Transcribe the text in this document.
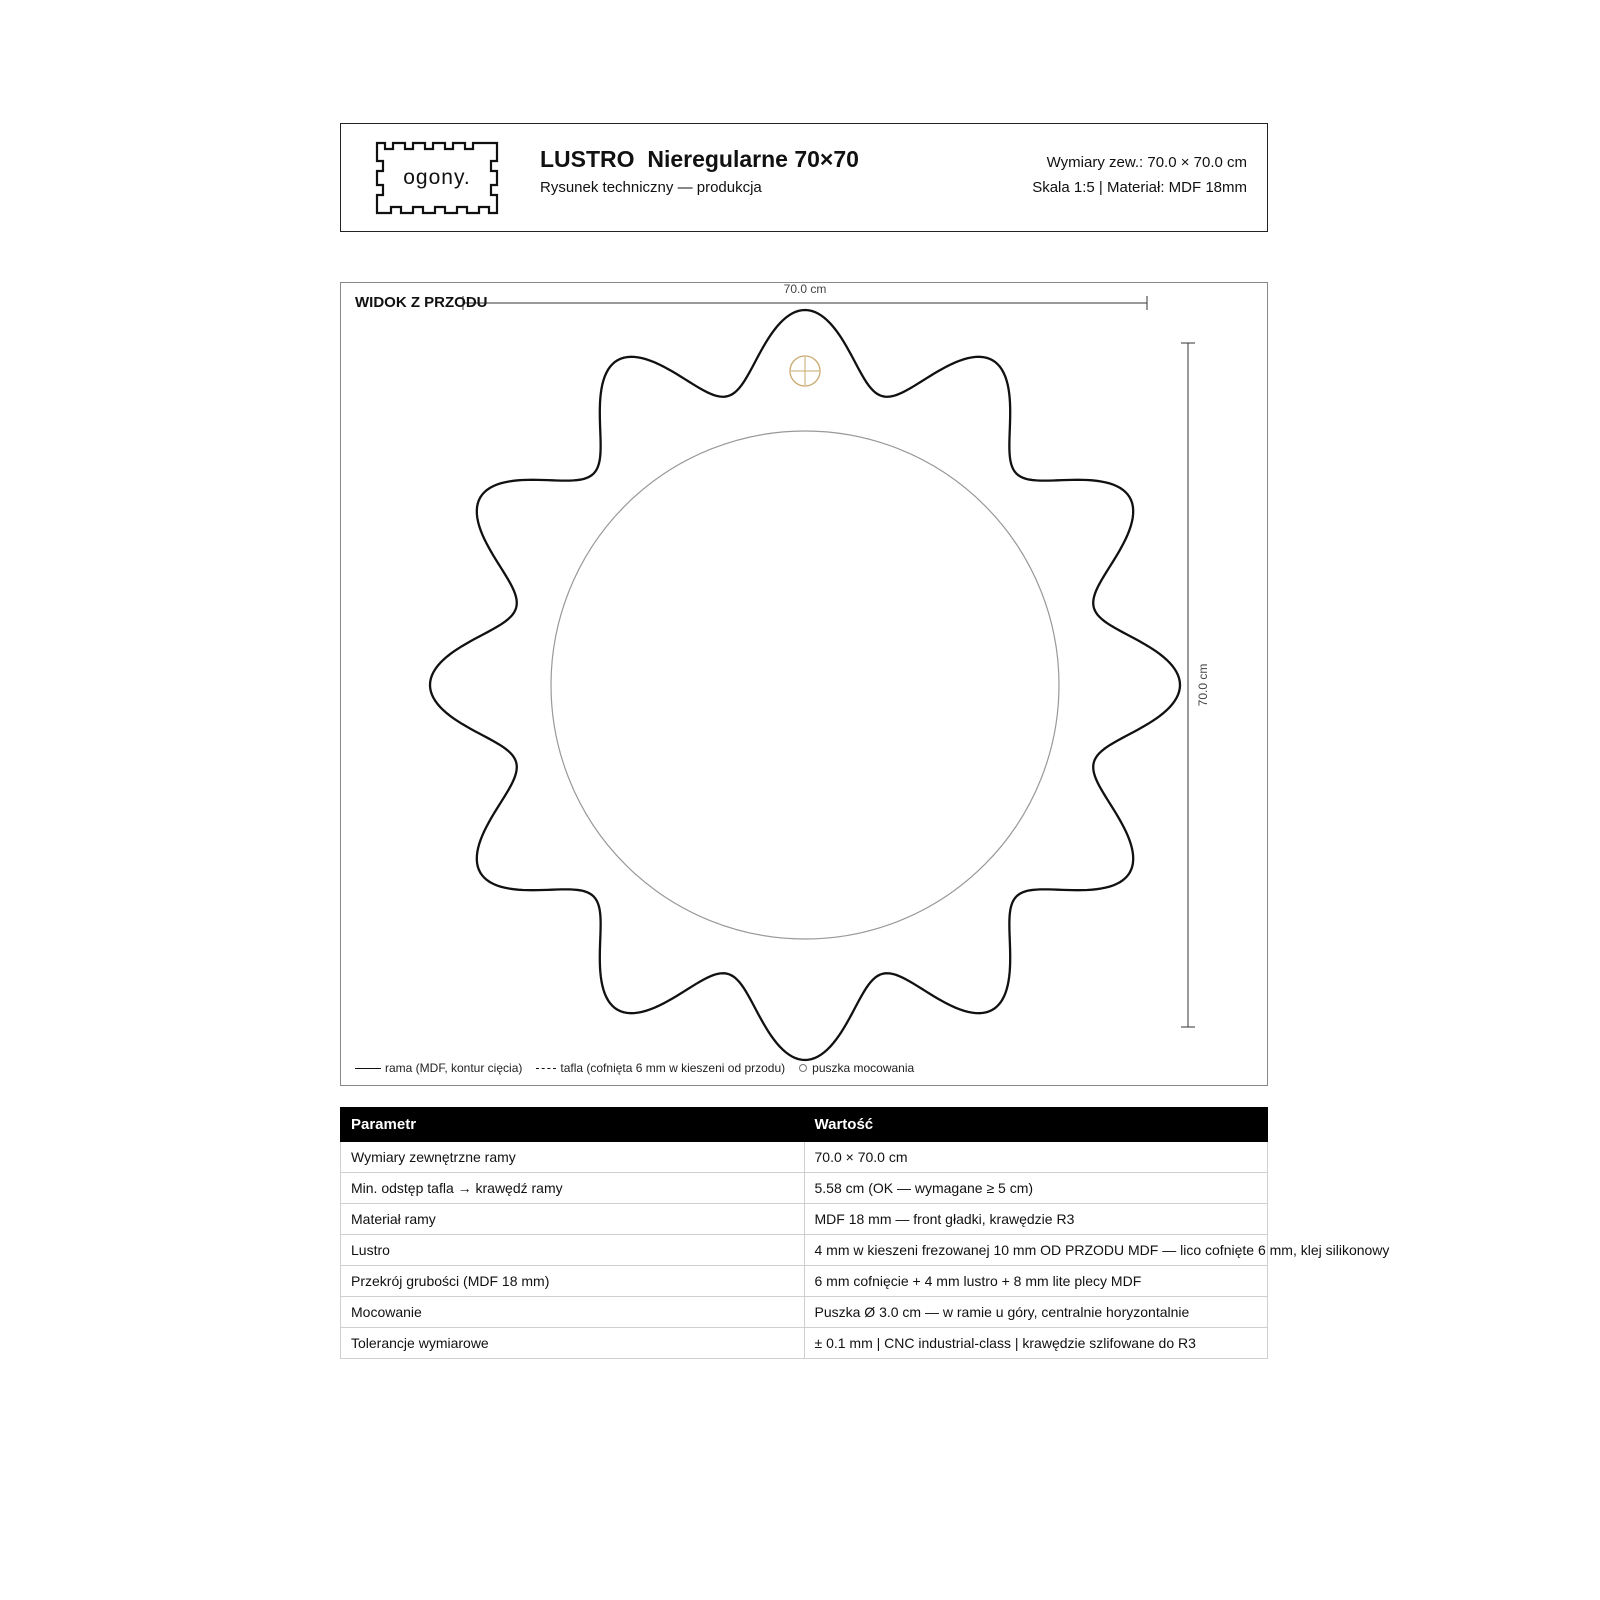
ogony.
LUSTRO  Nieregularne 70×70
Rysunek techniczny — produkcja
Wymiary zew.: 70.0 × 70.0 cm
Skala 1:5 | Materiał: MDF 18mm
70.0 cm
70.0 cm
WIDOK Z PRZODU
rama (MDF, kontur cięcia)	tafla (cofnięta 6 mm w kieszeni od przodu) puszka mocowania
Parametr	Wartość
Wymiary zewnętrzne ramy	70.0 × 70.0 cm
Min. odstęp tafla → krawędź ramy	5.58 cm (OK — wymagane ≥ 5 cm)
Materiał ramy	MDF 18 mm — front gładki, krawędzie R3
Lustro	4 mm w kieszeni frezowanej 10 mm OD PRZODU MDF — lico cofnięte 6 mm, klej silikonowy
Przekrój grubości (MDF 18 mm)	6 mm cofnięcie + 4 mm lustro + 8 mm lite plecy MDF
Mocowanie	Puszka Ø 3.0 cm — w ramie u góry, centralnie horyzontalnie
Tolerancje wymiarowe	± 0.1 mm | CNC industrial-class | krawędzie szlifowane do R3
